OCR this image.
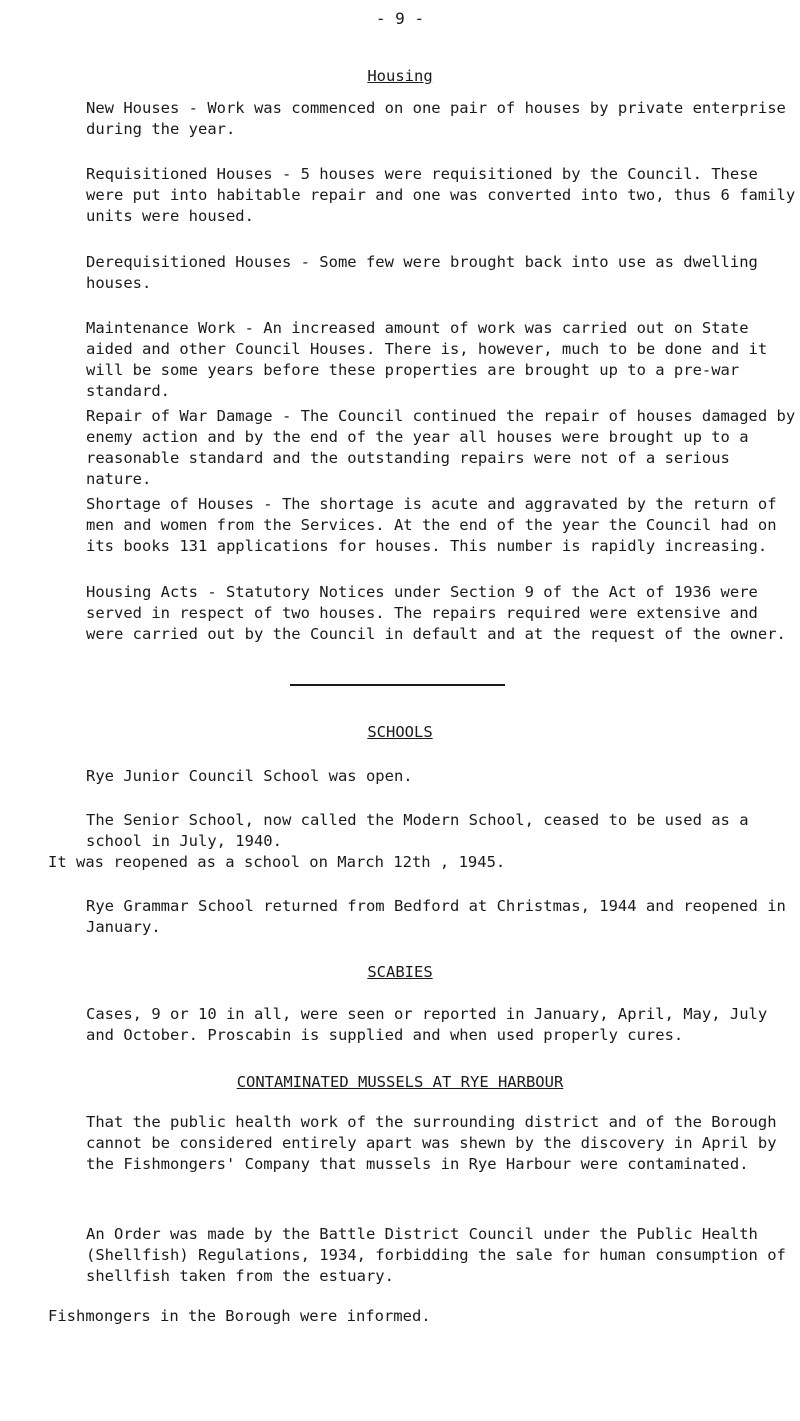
- 9 -
Housing
New Houses - Work was commenced on one pair of houses by private enterprise during the year.
Requisitioned Houses - 5 houses were requisitioned by the Council. These were put into habitable repair and one was converted into two, thus 6 family units were housed.
Derequisitioned Houses - Some few were brought back into use as dwelling houses.
Maintenance Work - An increased amount of work was carried out on State aided and other Council Houses. There is, however, much to be done and it will be some years before these properties are brought up to a pre-war standard.
Repair of War Damage - The Council continued the repair of houses damaged by enemy action and by the end of the year all houses were brought up to a reasonable standard and the outstanding repairs were not of a serious nature.
Shortage of Houses - The shortage is acute and aggravated by the return of men and women from the Services. At the end of the year the Council had on its books 131 applications for houses. This number is rapidly increasing.
Housing Acts - Statutory Notices under Section 9 of the Act of 1936 were served in respect of two houses. The repairs required were extensive and were carried out by the Council in default and at the request of the owner.
SCHOOLS
Rye Junior Council School was open.
The Senior School, now called the Modern School, ceased to be used as a school in July, 1940.
It was reopened as a school on March 12th , 1945.
Rye Grammar School returned from Bedford at Christmas, 1944 and reopened in January.
SCABIES
Cases, 9 or 10 in all, were seen or reported in January, April, May, July and October. Proscabin is supplied and when used properly cures.
CONTAMINATED MUSSELS AT RYE HARBOUR
That the public health work of the surrounding district and of the Borough cannot be considered entirely apart was shewn by the discovery in April by the Fishmongers' Company that mussels in Rye Harbour were contaminated.
An Order was made by the Battle District Council under the Public Health (Shellfish) Regulations, 1934, forbidding the sale for human consumption of shellfish taken from the estuary.
Fishmongers in the Borough were informed.
